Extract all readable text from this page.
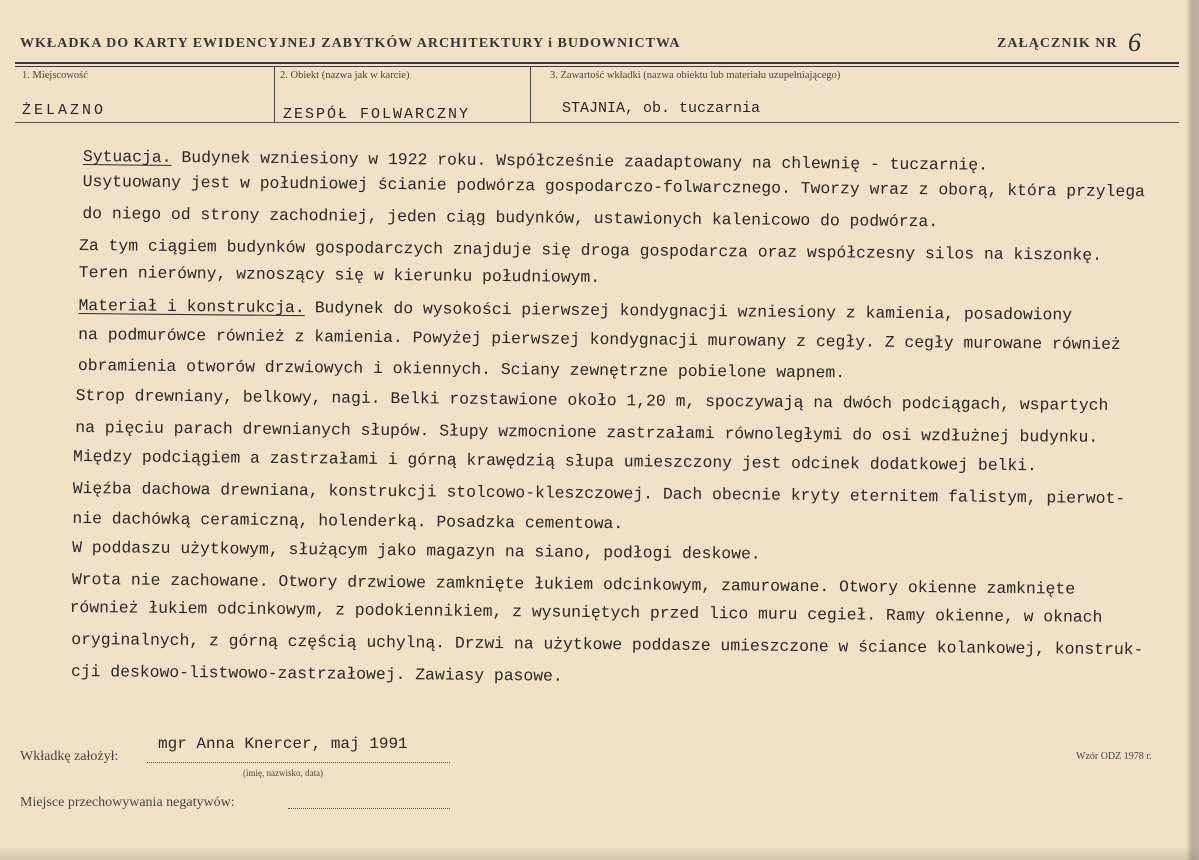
WKŁADKA DO KARTY EWIDENCYJNEJ ZABYTKÓW ARCHITEKTURY i BUDOWNICTWA	ZAŁĄCZNIK NR 6
1. Miejscowość	2. Obiekt (nazwa jak w karcie)	3. Zawartość wkładki (nazwa obiektu lub materiału uzupełniającego)
ŻELAZNO	ZESPÓŁ FOLWARCZNY	STAJNIA, ob. tuczarnia
Sytuacja. Budynek wzniesiony w 1922 roku. Współcześnie zaadaptowany na chlewnię - tuczarnię.
Usytuowany jest w południowej ścianie podwórza gospodarczo-folwarcznego. Tworzy wraz z oborą, która przylega
do niego od strony zachodniej, jeden ciąg budynków, ustawionych kalenicowo do podwórza.
Za tym ciągiem budynków gospodarczych znajduje się droga gospodarcza oraz współczesny silos na kiszonkę.
Teren nierówny, wznoszący się w kierunku południowym.
Materiał i konstrukcja. Budynek do wysokości pierwszej kondygnacji wzniesiony z kamienia, posadowiony
na podmurówce również z kamienia. Powyżej pierwszej kondygnacji murowany z cegły. Z cegły murowane również
obramienia otworów drzwiowych i okiennych. Sciany zewnętrzne pobielone wapnem.
Strop drewniany, belkowy, nagi. Belki rozstawione około 1,20 m, spoczywają na dwóch podciągach, wspartych
na pięciu parach drewnianych słupów. Słupy wzmocnione zastrzałami równoległymi do osi wzdłużnej budynku.
Między podciągiem a zastrzałami i górną krawędzią słupa umieszczony jest odcinek dodatkowej belki.
Więźba dachowa drewniana, konstrukcji stolcowo-kleszczowej. Dach obecnie kryty eternitem falistym, pierwot-
nie dachówką ceramiczną, holenderką. Posadzka cementowa.
W poddaszu użytkowym, służącym jako magazyn na siano, podłogi deskowe.
Wrota nie zachowane. Otwory drzwiowe zamknięte łukiem odcinkowym, zamurowane. Otwory okienne zamknięte
również łukiem odcinkowym, z podokiennikiem, z wysuniętych przed lico muru cegieł. Ramy okienne, w oknach
oryginalnych, z górną częścią uchylną. Drzwi na użytkowe poddasze umieszczone w ściance kolankowej, konstruk-
cji deskowo-listwowo-zastrzałowej. Zawiasy pasowe.
Wkładkę założył:
mgr Anna Knercer, maj 1991
(imię, nazwisko, data)
Wzór ODZ 1978 r.
Miejsce przechowywania negatywów:
